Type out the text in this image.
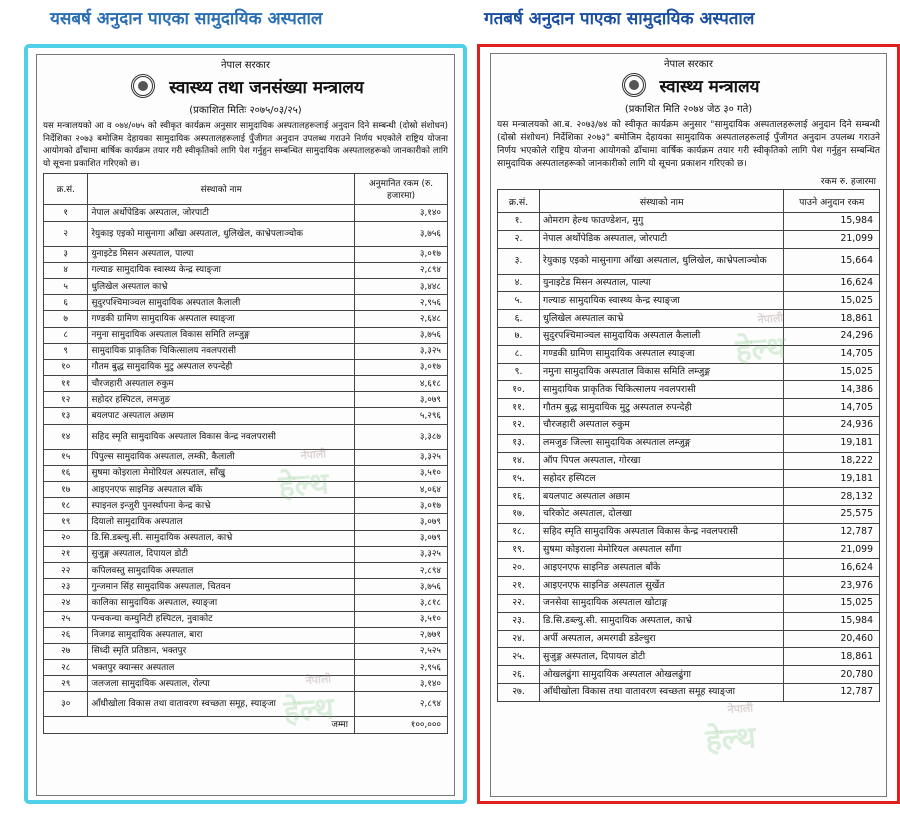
यसबर्ष अनुदान पाएका सामुदायिक अस्पताल	गतबर्ष अनुदान पाएका सामुदायिक अस्पताल
नेपाल सरकार
स्वास्थ्य तथा जनसंख्या मन्त्रालय
(प्रकाशित मितिः २०७५/०३/२५)

यस मन्त्रालयको आ व ०७४/०७५ को स्वीकृत कार्यक्रम अनुसार सामुदायिक अस्पतालहरूलाई अनुदान दिने सम्बन्धी (दोस्रो संशोधन) निर्देशिका २०७३ बमोजिम देहायका सामुदायिक अस्पतालहरूलाई पुँजीगत अनुदान उपलब्ध गराउने निर्णय भएकोले राष्ट्रिय योजना आयोगको ढाँचामा बार्षिक कार्यक्रम तयार गरी स्वीकृतिको लागि पेश गर्नुहुन सम्बन्धित सामुदायिक अस्पतालहरूको जानकारीको लागि यो सूचना प्रकाशित गरिएको छ।

क्र.सं.	संस्थाको नाम	अनुमानित रकम (रु. हजारमा)
१	नेपाल अर्थोपेडिक अस्पताल, जोरपाटी	३,१४०
२	रेयुकाइ एइको मासुनागा आँखा अस्पताल, धुलिखेल, काभ्रेपलाञ्चोक	३,७५६
३	युनाइटेड मिसन अस्पताल, पाल्पा	३,०१७
४	गल्याङ सामुदायिक स्वास्थ्य केन्द्र स्याङ्जा	२,८९४
५	धुलिखेल अस्पताल काभ्रे	३,४४८
६	सुदुरपश्चिमाञ्चल सामुदायिक अस्पताल कैलाली	२,९५६
७	गण्डकी ग्रामिण सामुदायिक अस्पताल स्याङ्जा	२,६४८
८	नमुना सामुदायिक अस्पताल विकास समिति लम्जुङ्ग	३,७५६
९	सामुदायिक प्राकृतिक चिकित्सालय नवलपरासी	३,३२५
१०	गौतम बुद्ध सामुदायिक मुटु अस्पताल रुपन्देही	३,०१७
११	चौरजहारी अस्पताल रुकुम	४,६१८
१२	सहोदर हस्पिटल, लमजुङ	३,०७९
१३	बयलपाट अस्पताल अछाम	५,२९६
१४	सहिद स्मृति सामुदायिक अस्पताल विकास केन्द्र नवलपरासी	३,३८७
१५	पिपुल्स सामुदायिक अस्पताल, लम्की, कैलाली	३,३२५
१६	सुषमा कोइराला मेमोरियल अस्पताल, साँखु	३,५१०
१७	आइएनएफ साइनिङ अस्पताल बाँके	४,०६४
१८	स्पाइनल इन्जुरी पुनर्स्थापना केन्द्र काभ्रे	३,०१७
१९	दियालो सामुदायिक अस्पताल	३,०७९
२०	डि.सि.डब्ल्यु.सी. सामुदायिक अस्पताल, काभ्रे	३,०७९
२१	सुजुङ्ग अस्पताल, दिपायल डोटी	३,३२५
२२	कपिलवस्तु सामुदायिक अस्पताल	२,८९४
२३	गुन्जमान सिंह सामुदायिक अस्पताल, चितवन	३,७५६
२४	कालिका सामुदायिक अस्पताल, स्याङ्जा	३,८१८
२५	पन्चकन्या कम्युनिटी हस्पिटल, नुवाकोट	३,५१०
२६	निजगढ सामुदायिक अस्पताल, बारा	२,७७१
२७	सिध्दी स्मृति प्रतिष्ठान, भक्तपुर	२,५२५
२८	भक्तपुर क्यान्सर अस्पताल	२,९५६
२९	जलजला सामुदायिक अस्पताल, रोल्पा	३,१४०
३०	आँधीखोला विकास तथा वातावरण स्वच्छता समूह, स्याङ्जा	२,८९४
जम्मा		१००,०००
नेपाली
हेल्थ
नेपाली
हेल्थ
नेपाल सरकार
स्वास्थ्य मन्त्रालय
(प्रकाशित मिति २०७४ जेठ ३० गते)

यस मन्त्रालयको आ.ब. २०७३/७४ को स्वीकृत कार्यक्रम अनुसार "सामुदायिक अस्पतालहरूलाई अनुदान दिने सम्बन्धी (दोस्रो संशोधन) निर्देशिका २०७३" बमोजिम देहायका सामुदायिक अस्पतालहरूलाई पुँजीगत अनुदान उपलब्ध गराउने निर्णय भएकोले राष्ट्रिय योजना आयोगको ढाँचामा वार्षिक कार्यक्रम तयार गरी स्वीकृतिको लागि पेश गर्नुहुन सम्बन्धित सामुदायिक अस्पतालहरूको जानकारीको लागि यो सूचना प्रकाशन गरिएको छ।

रकम रु. हजारमा
क्र.सं.	संस्थाको नाम	पाउने अनुदान रकम
१.	ओमराग हेल्थ फाउण्डेशन, मुगु	15,984
२.	नेपाल अर्थोपेडिक अस्पताल, जोरपाटी	21,099
३.	रेयुकाइ एइको मासुनागा आँखा अस्पताल, धुलिखेल, काभ्रेपलाञ्चोक	15,664
४.	युनाइटेड मिसन अस्पताल, पाल्पा	16,624
५.	गल्याङ सामुदायिक स्वास्थ्य केन्द्र स्याङ्जा	15,025
६.	धुलिखेल अस्पताल काभ्रे	18,861
७.	सुदुरपश्चिमाञ्चल सामुदायिक अस्पताल कैलाली	24,296
८.	गण्डकी ग्रामिण सामुदायिक अस्पताल स्याङ्जा	14,705
९.	नमुना सामुदायिक अस्पताल विकास समिति लम्जुङ्ग	15,025
१०.	सामुदायिक प्राकृतिक चिकित्सालय नवलपरासी	14,386
११.	गौतम बुद्ध सामुदायिक मुटु अस्पताल रुपन्देही	14,705
१२.	चौरजहारी अस्पताल रुकुम	24,936
१३.	लमजुङ जिल्ला सामुदायिक अस्पताल लम्जुङ्ग	19,181
१४.	ऑप पिपल अस्पताल, गोरखा	18,222
१५.	सहोदर हस्पिटल	19,181
१६.	बयलपाट अस्पताल अछाम	28,132
१७.	चरिकोट अस्पताल, दोलखा	25,575
१८.	सहिद स्मृति सामुदायिक अस्पताल विकास केन्द्र नवलपरासी	12,787
१९.	सुषमा कोइराला मेमोरियल अस्पताल साँगा	21,099
२०.	आइएनएफ साइनिङ अस्पताल बाँके	16,624
२१.	आइएनएफ साइनिङ अस्पताल सुर्खेत	23,976
२२.	जनसेवा सामुदायिक अस्पताल खोटाङ्ग	15,025
२३.	डि.सि.डब्ल्यु.सी. सामुदायिक अस्पताल, काभ्रे	15,984
२४.	अर्पी अस्पताल, अमरगढी डडेल्धुरा	20,460
२५.	सुजुङ्ग अस्पताल, दिपायल डोटी	18,861
२६.	ओखलढुंगा सामुदायिक अस्पताल ओखलढुंगा	20,780
२७.	आँधीखोला विकास तथा वातावरण स्वच्छता समूह स्याङ्जा	12,787
नेपाली
हेल्थ
नेपाली
हेल्थ
